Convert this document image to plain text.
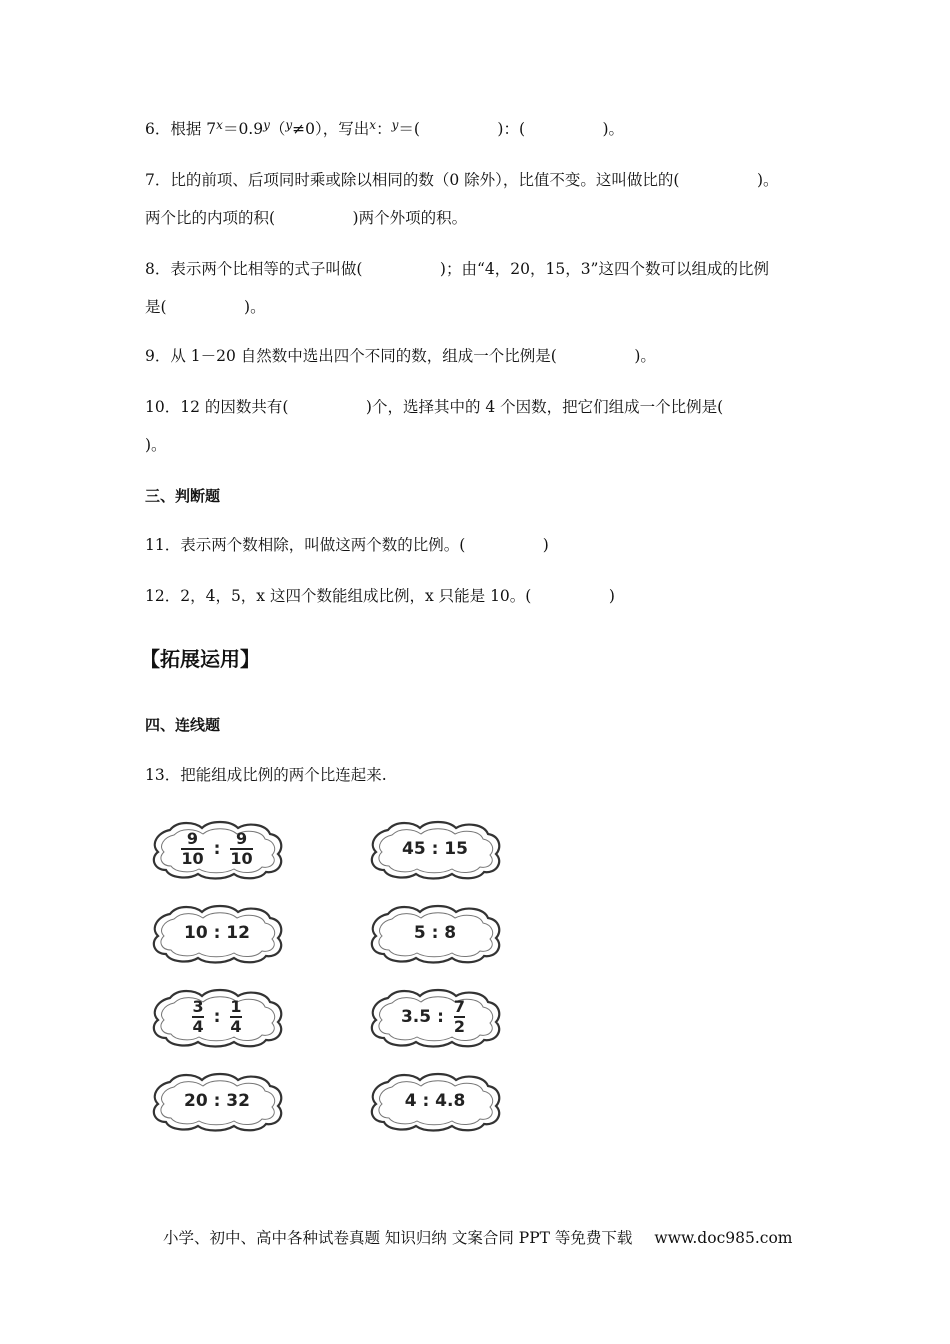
6．根据 $7^x=0.9^y(^y\ne 0)$，写出$^x$：$^y$＝(　　　　　)：(　　　　　)。
7．比的前项、后项同时乘或除以相同的数（0 除外），比值不变。这叫做比的(　　　　　)。
两个比的内项的积(　　　　　)两个外项的积。
8．表示两个比相等的式子叫做(　　　　　)；由“4，20，15，3”这四个数可以组成的比例
是(　　　　　)。
9．从 1－20 自然数中选出四个不同的数，组成一个比例是(　　　　　)。
10．12 的因数共有(　　　　　)个，选择其中的 4 个因数，把它们组成一个比例是(
)。
三、判断题
11．表示两个数相除，叫做这两个数的比例。(　　　　　)
12．2，4，5，x 这四个数能组成比例，x 只能是 10。(　　　　　)
【拓展运用】
四、连线题
13．把能组成比例的两个比连起来.
$\frac{9}{10}$ : $\frac{9}{10}$
10 : 12
$\frac{3}{4}$ : $\frac{1}{4}$
20 : 32
45 : 15
5 : 8
3.5 : $\frac{7}{2}$
4 : 4.8
小学、初中、高中各种试卷真题 知识归纳 文案合同 PPT 等免费下载 www.doc985.com
